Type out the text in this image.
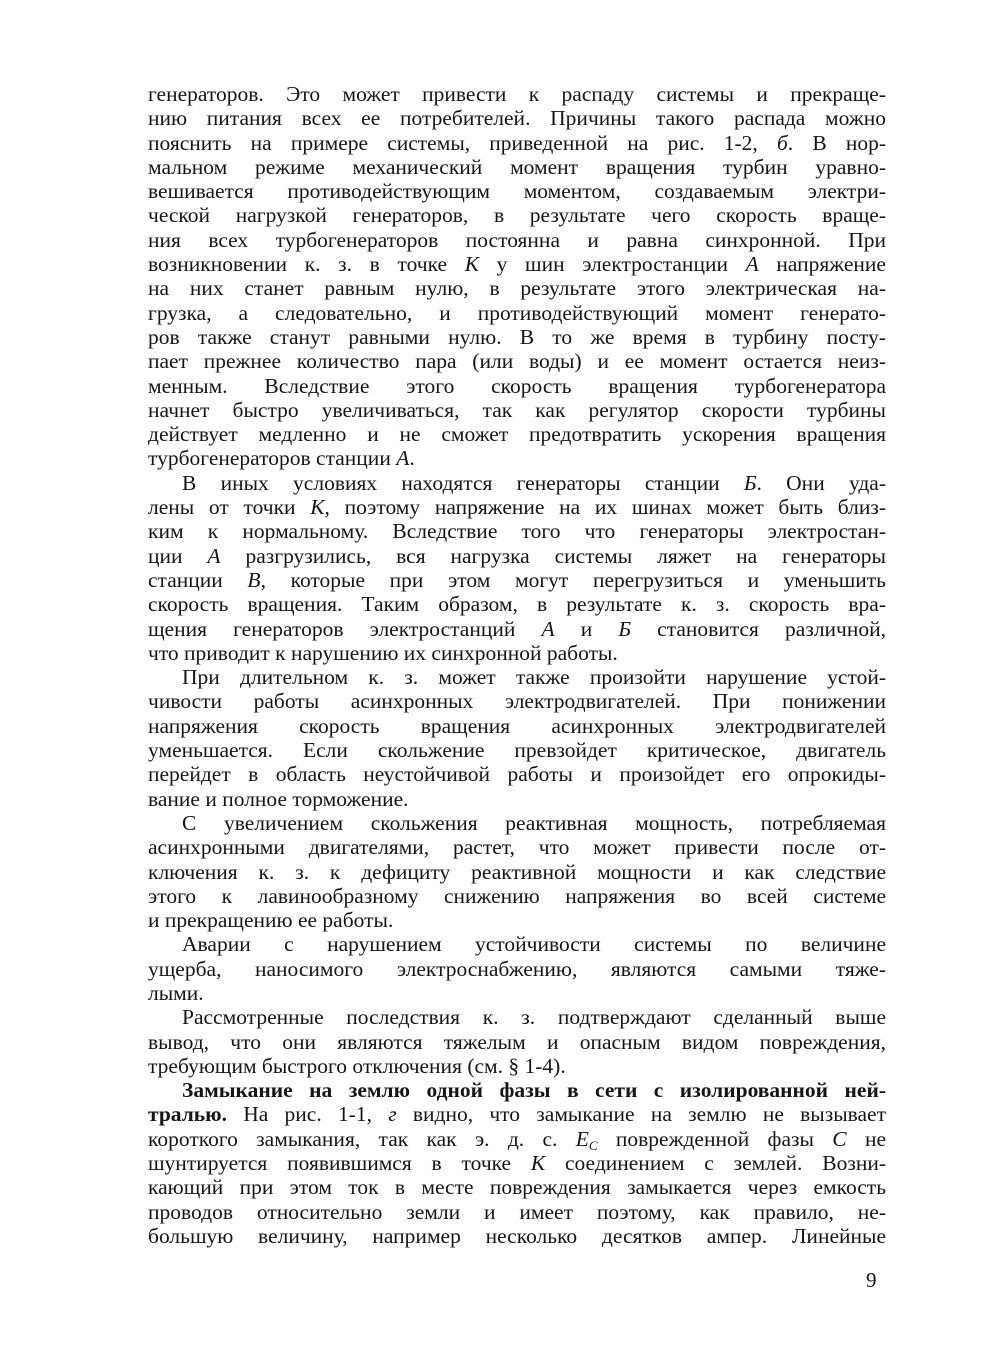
генераторов. Это может привести к распаду системы и прекраще-
нию питания всех ее потребителей. Причины такого распада можно
пояснить на примере системы, приведенной на рис. 1-2, б. В нор-
мальном режиме механический момент вращения турбин уравно-
вешивается противодействующим моментом, создаваемым электри-
ческой нагрузкой генераторов, в результате чего скорость враще-
ния всех турбогенераторов постоянна и равна синхронной. При
возникновении к. з. в точке К у шин электростанции А напряжение
на них станет равным нулю, в результате этого электрическая на-
грузка, а следовательно, и противодействующий момент генерато-
ров также станут равными нулю. В то же время в турбину посту-
пает прежнее количество пара (или воды) и ее момент остается неиз-
менным. Вследствие этого скорость вращения турбогенератора
начнет быстро увеличиваться, так как регулятор скорости турбины
действует медленно и не сможет предотвратить ускорения вращения
турбогенераторов станции А.
В иных условиях находятся генераторы станции Б. Они уда-
лены от точки К, поэтому напряжение на их шинах может быть близ-
ким к нормальному. Вследствие того что генераторы электростан-
ции А разгрузились, вся нагрузка системы ляжет на генераторы
станции В, которые при этом могут перегрузиться и уменьшить
скорость вращения. Таким образом, в результате к. з. скорость вра-
щения генераторов электростанций А и Б становится различной,
что приводит к нарушению их синхронной работы.
При длительном к. з. может также произойти нарушение устой-
чивости работы асинхронных электродвигателей. При понижении
напряжения скорость вращения асинхронных электродвигателей
уменьшается. Если скольжение превзойдет критическое, двигатель
перейдет в область неустойчивой работы и произойдет его опрокиды-
вание и полное торможение.
С увеличением скольжения реактивная мощность, потребляемая
асинхронными двигателями, растет, что может привести после от-
ключения к. з. к дефициту реактивной мощности и как следствие
этого к лавинообразному снижению напряжения во всей системе
и прекращению ее работы.
Аварии с нарушением устойчивости системы по величине
ущерба, наносимого электроснабжению, являются самыми тяже-
лыми.
Рассмотренные последствия к. з. подтверждают сделанный выше
вывод, что они являются тяжелым и опасным видом повреждения,
требующим быстрого отключения (см. § 1-4).
Замыкание на землю одной фазы в сети с изолированной ней-
тралью. На рис. 1-1, г видно, что замыкание на землю не вызывает
короткого замыкания, так как э. д. с. $E_C$ поврежденной фазы С не
шунтируется появившимся в точке К соединением с землей. Возни-
кающий при этом ток в месте повреждения замыкается через емкость
проводов относительно земли и имеет поэтому, как правило, не-
большую величину, например несколько десятков ампер. Линейные
9
